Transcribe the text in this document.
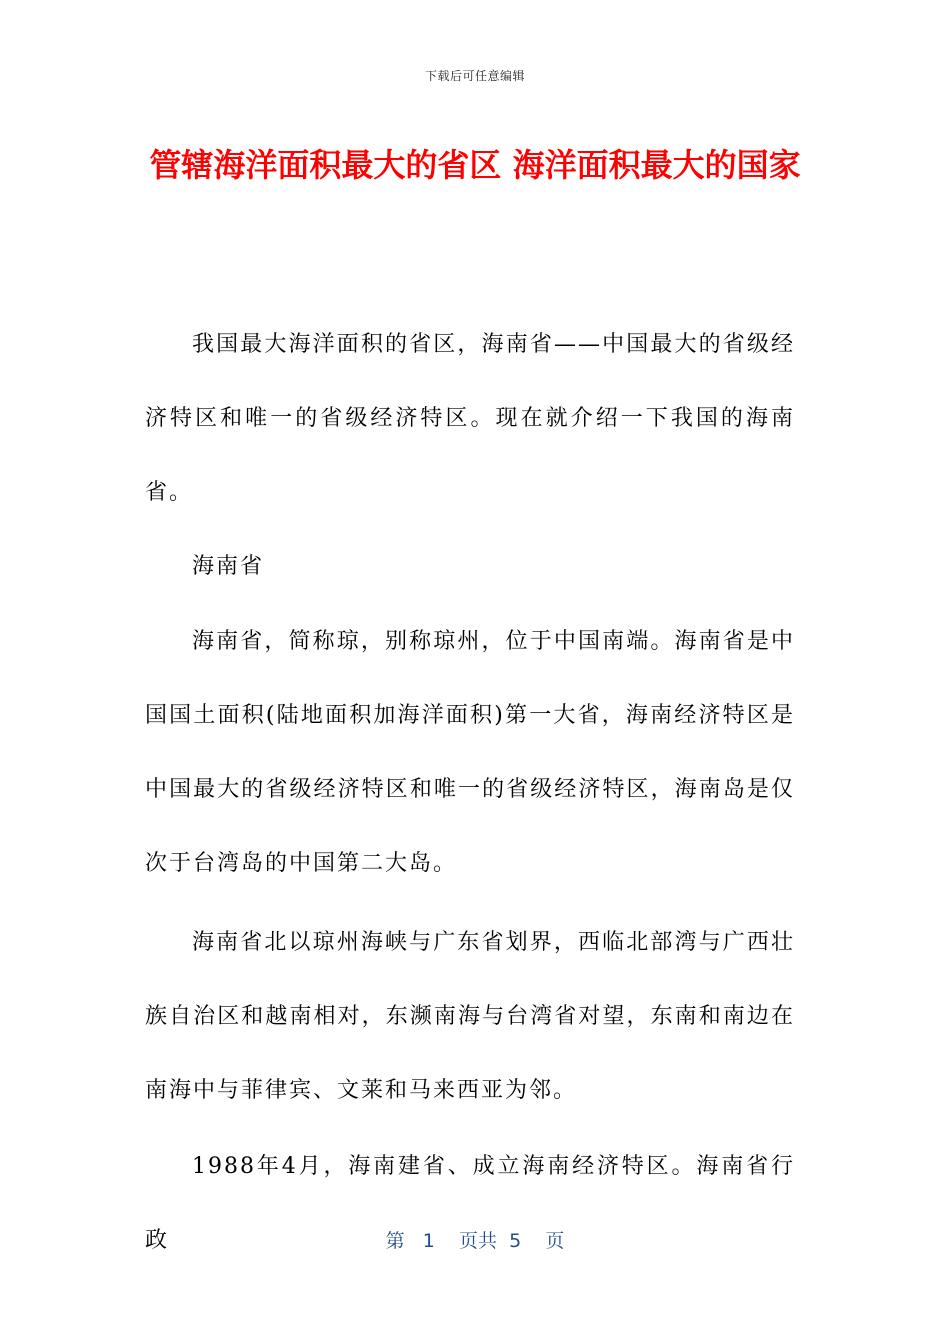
下载后可任意编辑
管辖海洋面积最大的省区 海洋面积最大的国家

我国最大海洋面积的省区，海南省——中国最大的省级经济特区和唯一的省级经济特区。现在就介绍一下我国的海南省。

海南省

海南省，简称琼，别称琼州，位于中国南端。海南省是中国国土面积(陆地面积加海洋面积)第一大省，海南经济特区是中国最大的省级经济特区和唯一的省级经济特区，海南岛是仅次于台湾岛的中国第二大岛。

海南省北以琼州海峡与广东省划界，西临北部湾与广西壮族自治区和越南相对，东濒南海与台湾省对望，东南和南边在南海中与菲律宾、文莱和马来西亚为邻。

1988年4月，海南建省、成立海南经济特区。海南省行政	第 1 页共 5 页
